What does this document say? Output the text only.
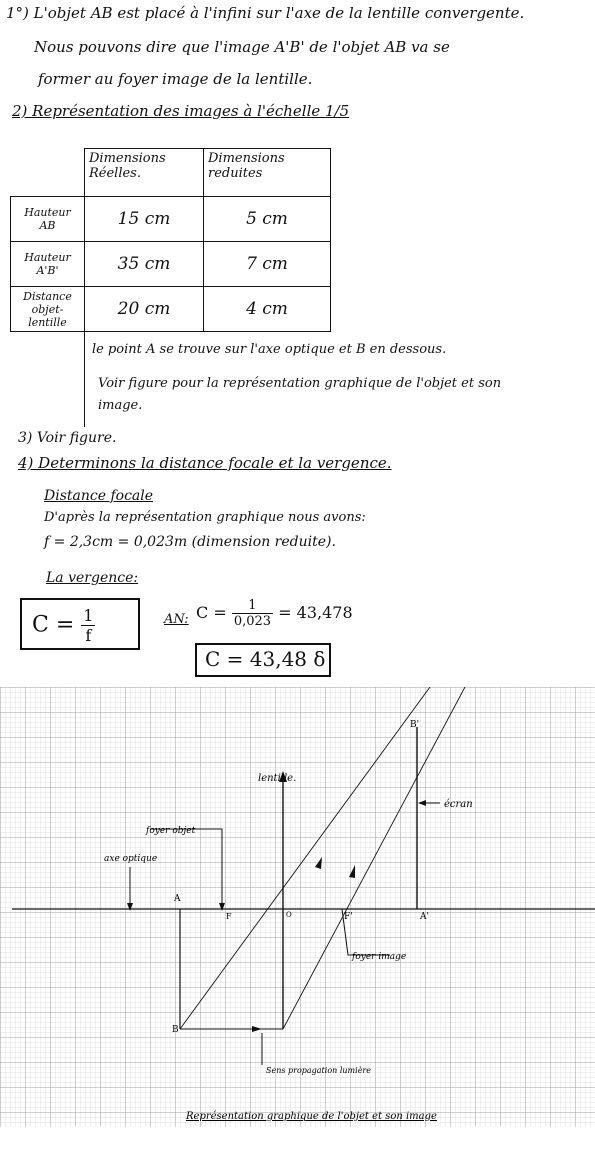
1°) L'objet AB est placé à l'infini sur l'axe de la lentille convergente.
Nous pouvons dire que l'image A'B' de l'objet AB va se
former au foyer image de la lentille.
2) Représentation des images à l'échelle 1/5
	Dimensions Réelles.	Dimensions reduites
Hauteur AB	15 cm	5 cm
Hauteur A'B'	35 cm	7 cm
Distance objet-lentille	20 cm	4 cm

le point A se trouve sur l'axe optique et B en dessous.
Voir figure pour la représentation graphique de l'objet et son
image.
3) Voir figure.
4) Determinons la distance focale et la vergence.
Distance focale
D'après la représentation graphique nous avons:
f = 2,3cm = 0,023m (dimension reduite).
La vergence:
$C = \frac{1}{f}$	AN: $C = \frac{1}{0,023} = 43,478$
C = 43,48 δ
lentille.
écran
foyer objet
axe optique
foyer image
Sens propagation lumière
A
B
F	O	F'	A'
B'
Représentation graphique de l'objet et son image
